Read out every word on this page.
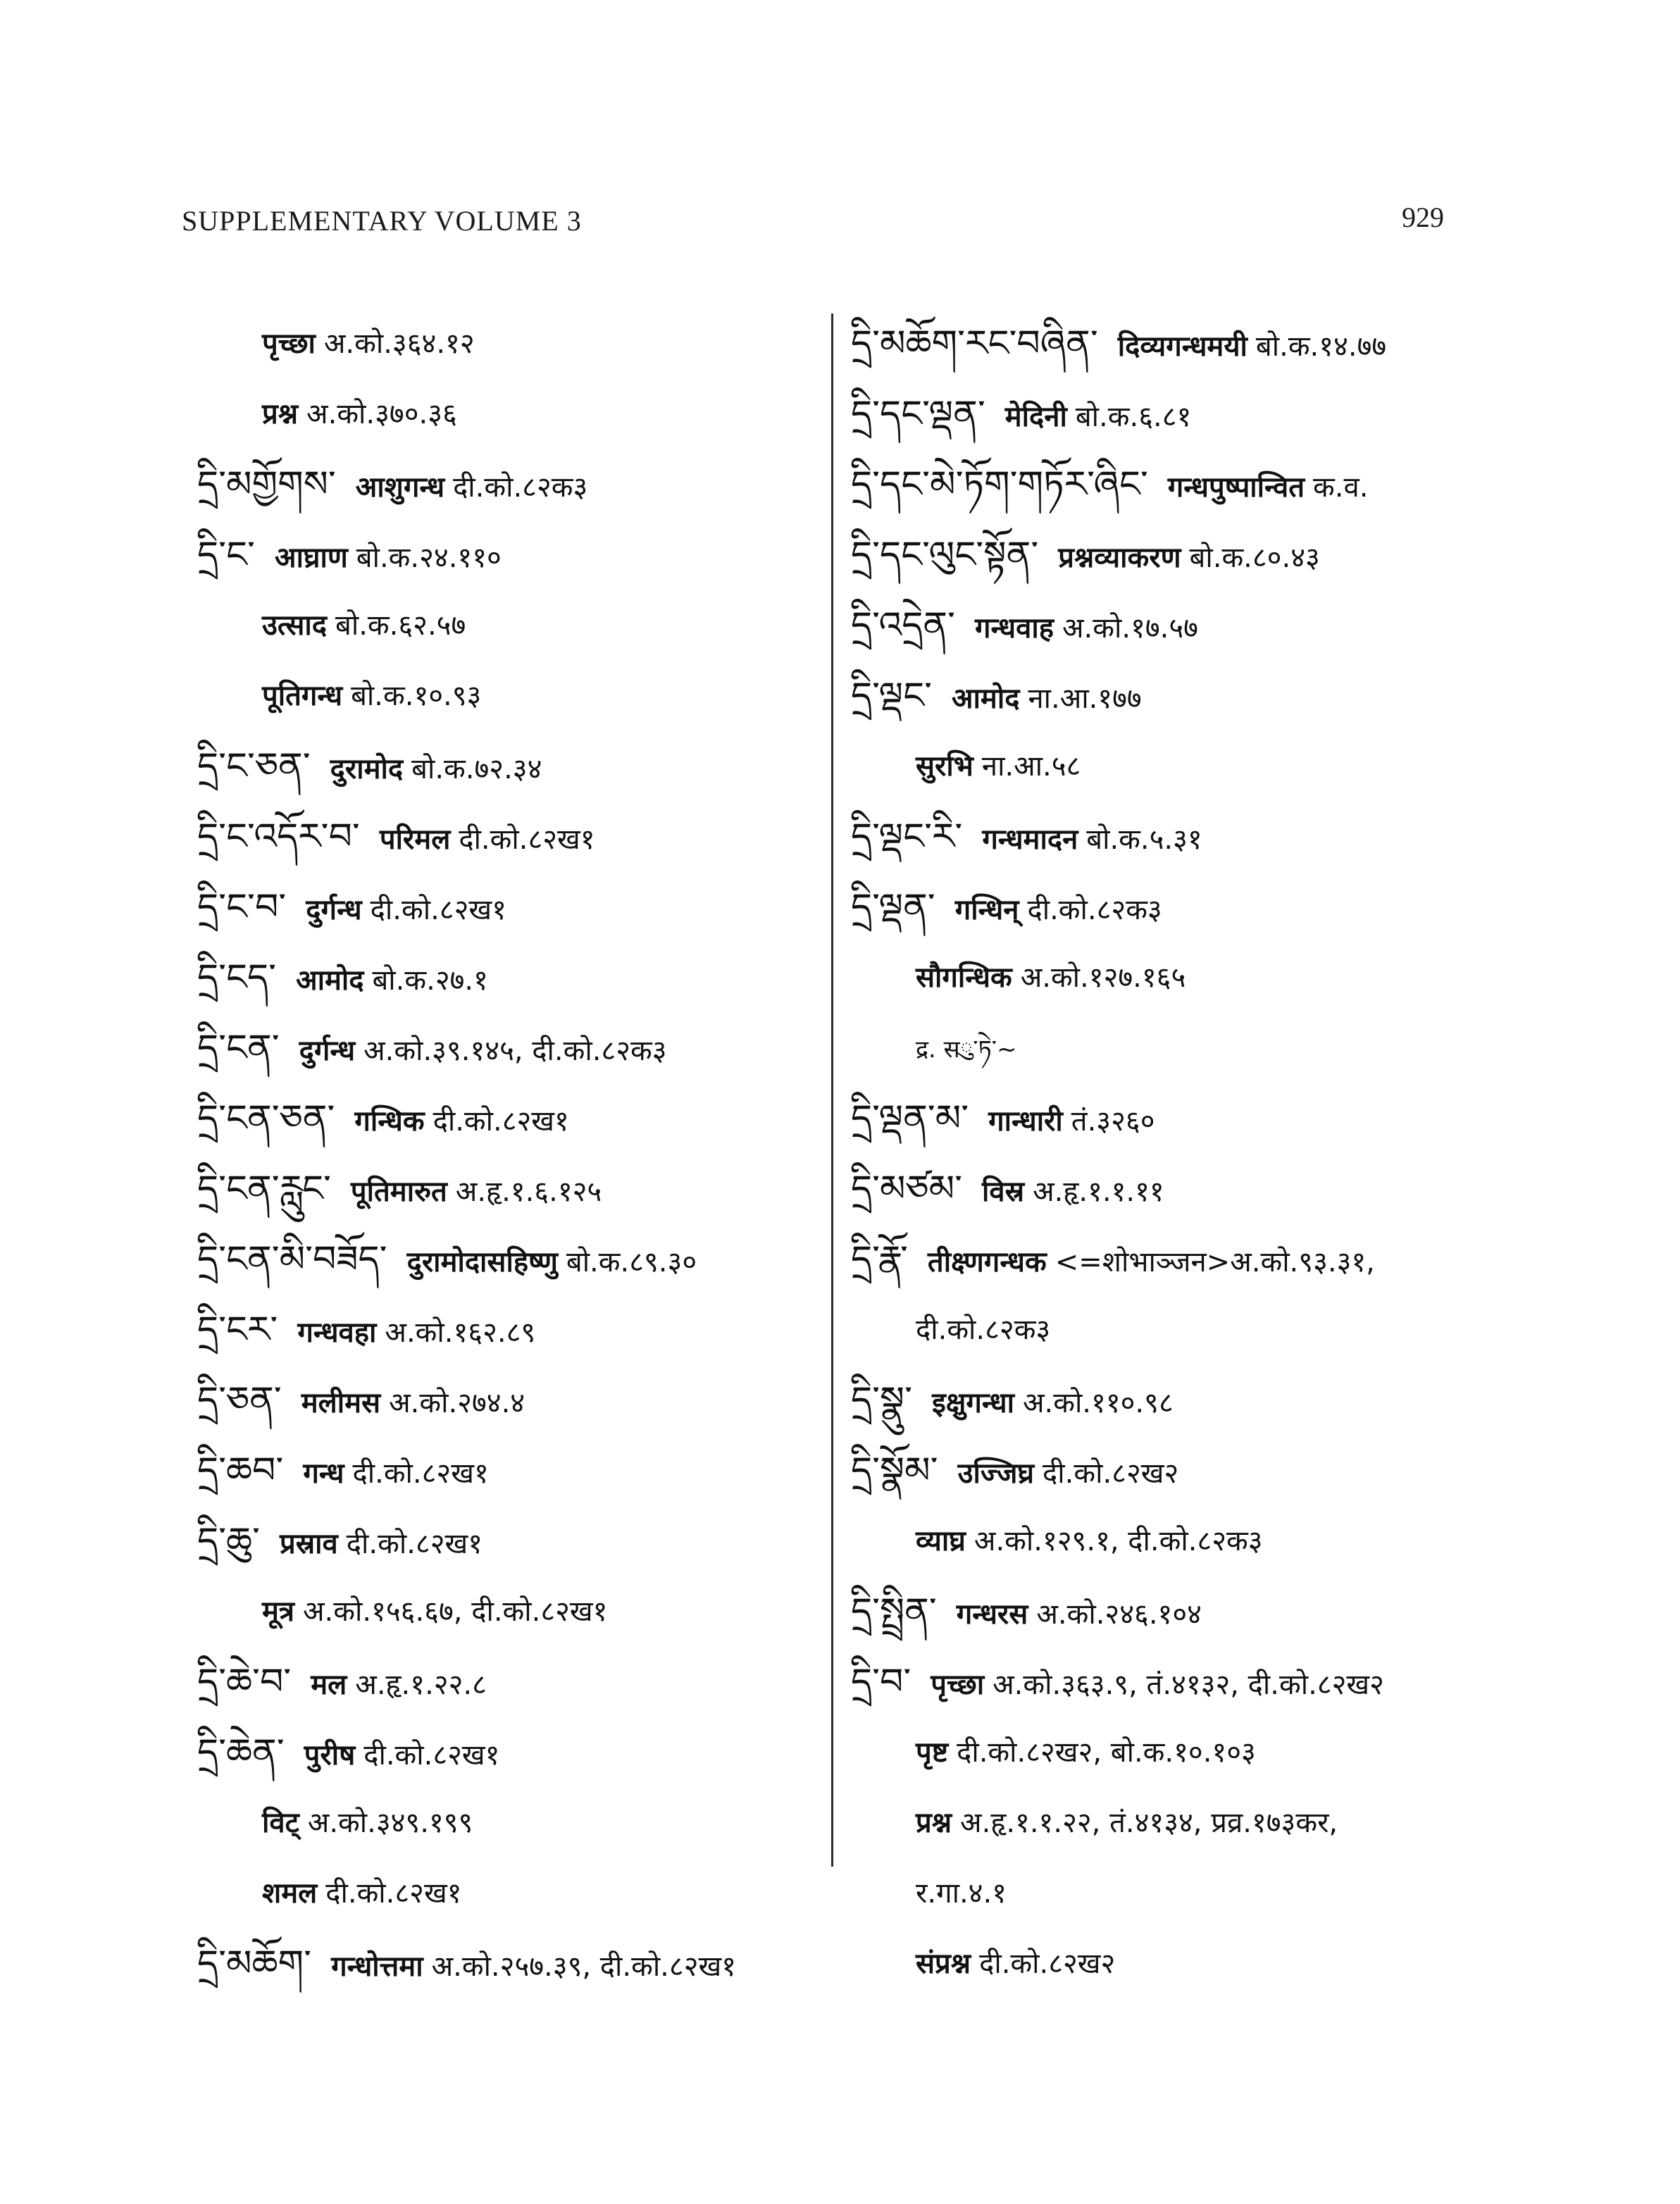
SUPPLEMENTARY VOLUME 3	929
पृच्छा अ.को.३६४.१२
प्रश्न अ.को.३७०.३६
དྲི་མགྱོགས་ आशुगन्ध दी.को.८२क३
དྲི་ང་ आघ्राण बो.क.२४.११०
उत्साद बो.क.६२.५७
पूतिगन्ध बो.क.१०.९३
དྲི་ང་ཅན་ दुरामोद बो.क.७२.३४
དྲི་ང་འདོར་བ་ परिमल दी.को.८२ख१
དྲི་ང་བ་ दुर्गन्ध दी.को.८२ख१
དྲི་ངད་ आमोद बो.क.२७.१
དྲི་ངན་ दुर्गन्ध अ.को.३९.१४५, दी.को.८२क३
དྲི་ངན་ཅན་ गन्धिक दी.को.८२ख१
དྲི་ངན་རླུང་ पूतिमारुत अ.हृ.१.६.१२५
དྲི་ངན་མི་བཟོད་ दुरामोदासहिष्णु बो.क.८९.३०
དྲི་ངར་ गन्धवहा अ.को.१६२.८९
དྲི་ཅན་ मलीमस अ.को.२७४.४
དྲི་ཆབ་ गन्ध दी.को.८२ख१
དྲི་ཆུ་ प्रस्राव दी.को.८२ख१
मूत्र अ.को.१५६.६७, दी.को.८२ख१
དྲི་ཆེ་བ་ मल अ.हृ.१.२२.८
དྲི་ཆེན་ पुरीष दी.को.८२ख१
विट् अ.को.३४९.१९९
शमल दी.को.८२ख१
དྲི་མཆོག་ गन्धोत्तमा अ.को.२५७.३९, दी.को.८२ख१
དྲི་མཆོག་རང་བཞིན་ दिव्यगन्धमयी बो.क.१४.७७
དྲི་དང་ལྡན་ मेदिनी बो.क.६.८१
དྲི་དང་མེ་ཏོག་གཏོར་ཞིང་ गन्धपुष्पान्वित क.व.
དྲི་དང་ལུང་སྟོན་ प्रश्नव्याकरण बो.क.८०.४३
དྲི་འདྲེན་ गन्धवाह अ.को.१७.५७
དྲི་ལྡང་ आमोद ना.आ.१७७
सुरभि ना.आ.५८
དྲི་ལྡང་རི་ गन्धमादन बो.क.५.३१
དྲི་ལྡན་ गन्धिन् दी.को.८२क३
सौगन्धिक अ.को.१२७.१६५
द्र. सུ་ཏེ་~
དྲི་ལྡན་མ་ गान्धारी तं.३२६०
དྲི་མཙམ་ विस्र अ.हृ.१.१.११
དྲི་རྣོ་ तीक्ष्णगन्धक <=शोभाञ्जन>अ.को.९३.३१,
दी.को.८२क३
དྲི་སྣུ་ इक्षुगन्धा अ.को.११०.९८
དྲི་སྣོམ་ उज्जिघ्र दी.को.८२ख२
व्याघ्र अ.को.१२९.१, दी.को.८२क३
དྲི་སྤྲིན་ गन्धरस अ.को.२४६.१०४
དྲི་བ་ पृच्छा अ.को.३६३.९, तं.४१३२, दी.को.८२ख२
पृष्ट दी.को.८२ख२, बो.क.१०.१०३
प्रश्न अ.हृ.१.१.२२, तं.४१३४, प्रव्र.१७३कर,
र.गा.४.१
संप्रश्न दी.को.८२ख२
